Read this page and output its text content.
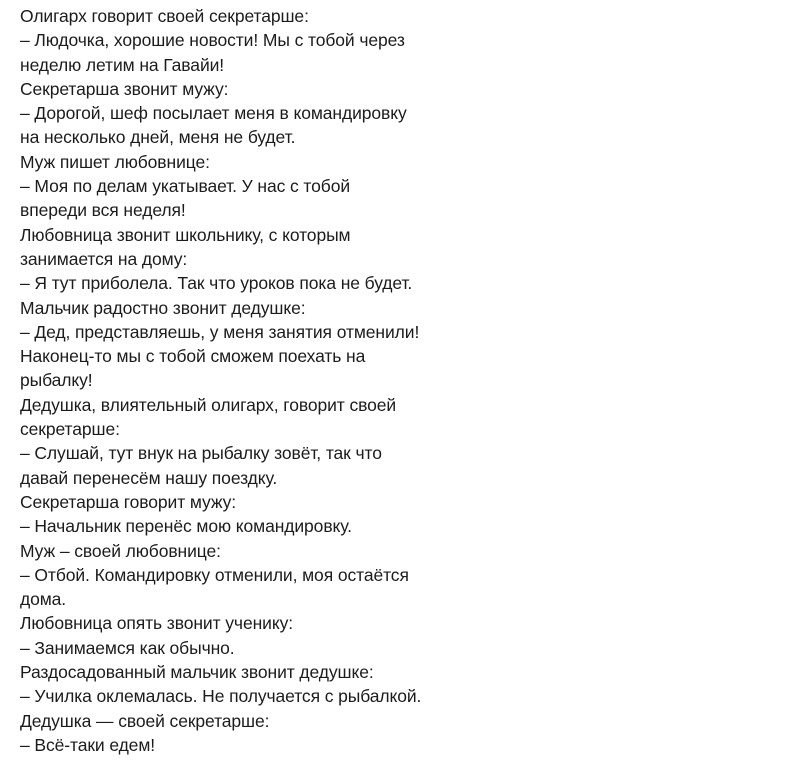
Олигарх говорит своей секретарше:
– Людочка, хорошие новости! Мы с тобой через
неделю летим на Гавайи!
Секретарша звонит мужу:
– Дорогой, шеф посылает меня в командировку
на несколько дней, меня не будет.
Муж пишет любовнице:
– Моя по делам укатывает. У нас с тобой
впереди вся неделя!
Любовница звонит школьнику, с которым
занимается на дому:
– Я тут приболела. Так что уроков пока не будет.
Мальчик радостно звонит дедушке:
– Дед, представляешь, у меня занятия отменили!
Наконец-то мы с тобой сможем поехать на
рыбалку!
Дедушка, влиятельный олигарх, говорит своей
секретарше:
– Слушай, тут внук на рыбалку зовёт, так что
давай перенесём нашу поездку.
Секретарша говорит мужу:
– Начальник перенёс мою командировку.
Муж – своей любовнице:
– Отбой. Командировку отменили, моя остаётся
дома.
Любовница опять звонит ученику:
– Занимаемся как обычно.
Раздосадованный мальчик звонит дедушке:
– Училка оклемалась. Не получается с рыбалкой.
Дедушка — своей секретарше:
– Всё-таки едем!
